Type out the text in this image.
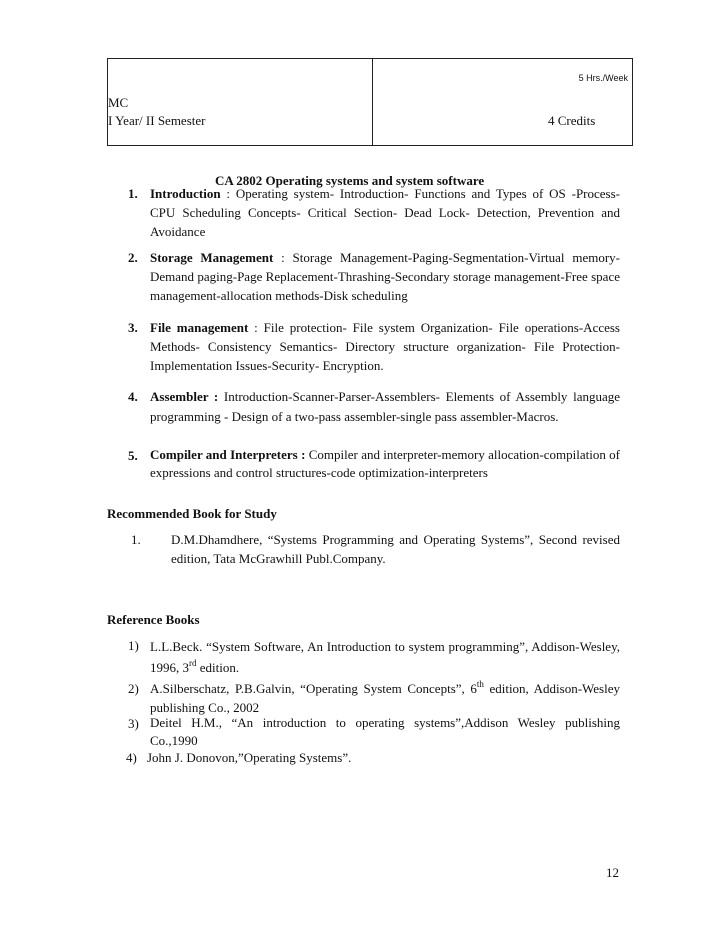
5 Hrs./Week
MC
I Year/ II Semester	4 Credits
CA 2802 Operating systems and system software
1. Introduction : Operating system- Introduction- Functions and Types of OS -Process- CPU Scheduling Concepts- Critical Section- Dead Lock- Detection, Prevention and Avoidance
2. Storage Management : Storage Management-Paging-Segmentation-Virtual memory-Demand paging-Page Replacement-Thrashing-Secondary storage management-Free space management-allocation methods-Disk scheduling
3. File management : File protection- File system Organization- File operations-Access Methods- Consistency Semantics- Directory structure organization- File Protection- Implementation Issues-Security- Encryption.
4. Assembler : Introduction-Scanner-Parser-Assemblers- Elements of Assembly language programming - Design of a two-pass assembler-single pass assembler-Macros.
5. Compiler and Interpreters : Compiler and interpreter-memory allocation-compilation of expressions and control structures-code optimization-interpreters
Recommended Book for Study
1. D.M.Dhamdhere, “Systems Programming and Operating Systems”, Second revised edition, Tata McGrawhill Publ.Company.
Reference Books
1) L.L.Beck. “System Software, An Introduction to system programming”, Addison-Wesley, 1996, 3rd edition.
2) A.Silberschatz, P.B.Galvin, “Operating System Concepts”, 6th edition, Addison-Wesley publishing Co., 2002
3) Deitel H.M., “An introduction to operating systems”,Addison Wesley publishing Co.,1990
4) John J. Donovon,”Operating Systems”.
12
